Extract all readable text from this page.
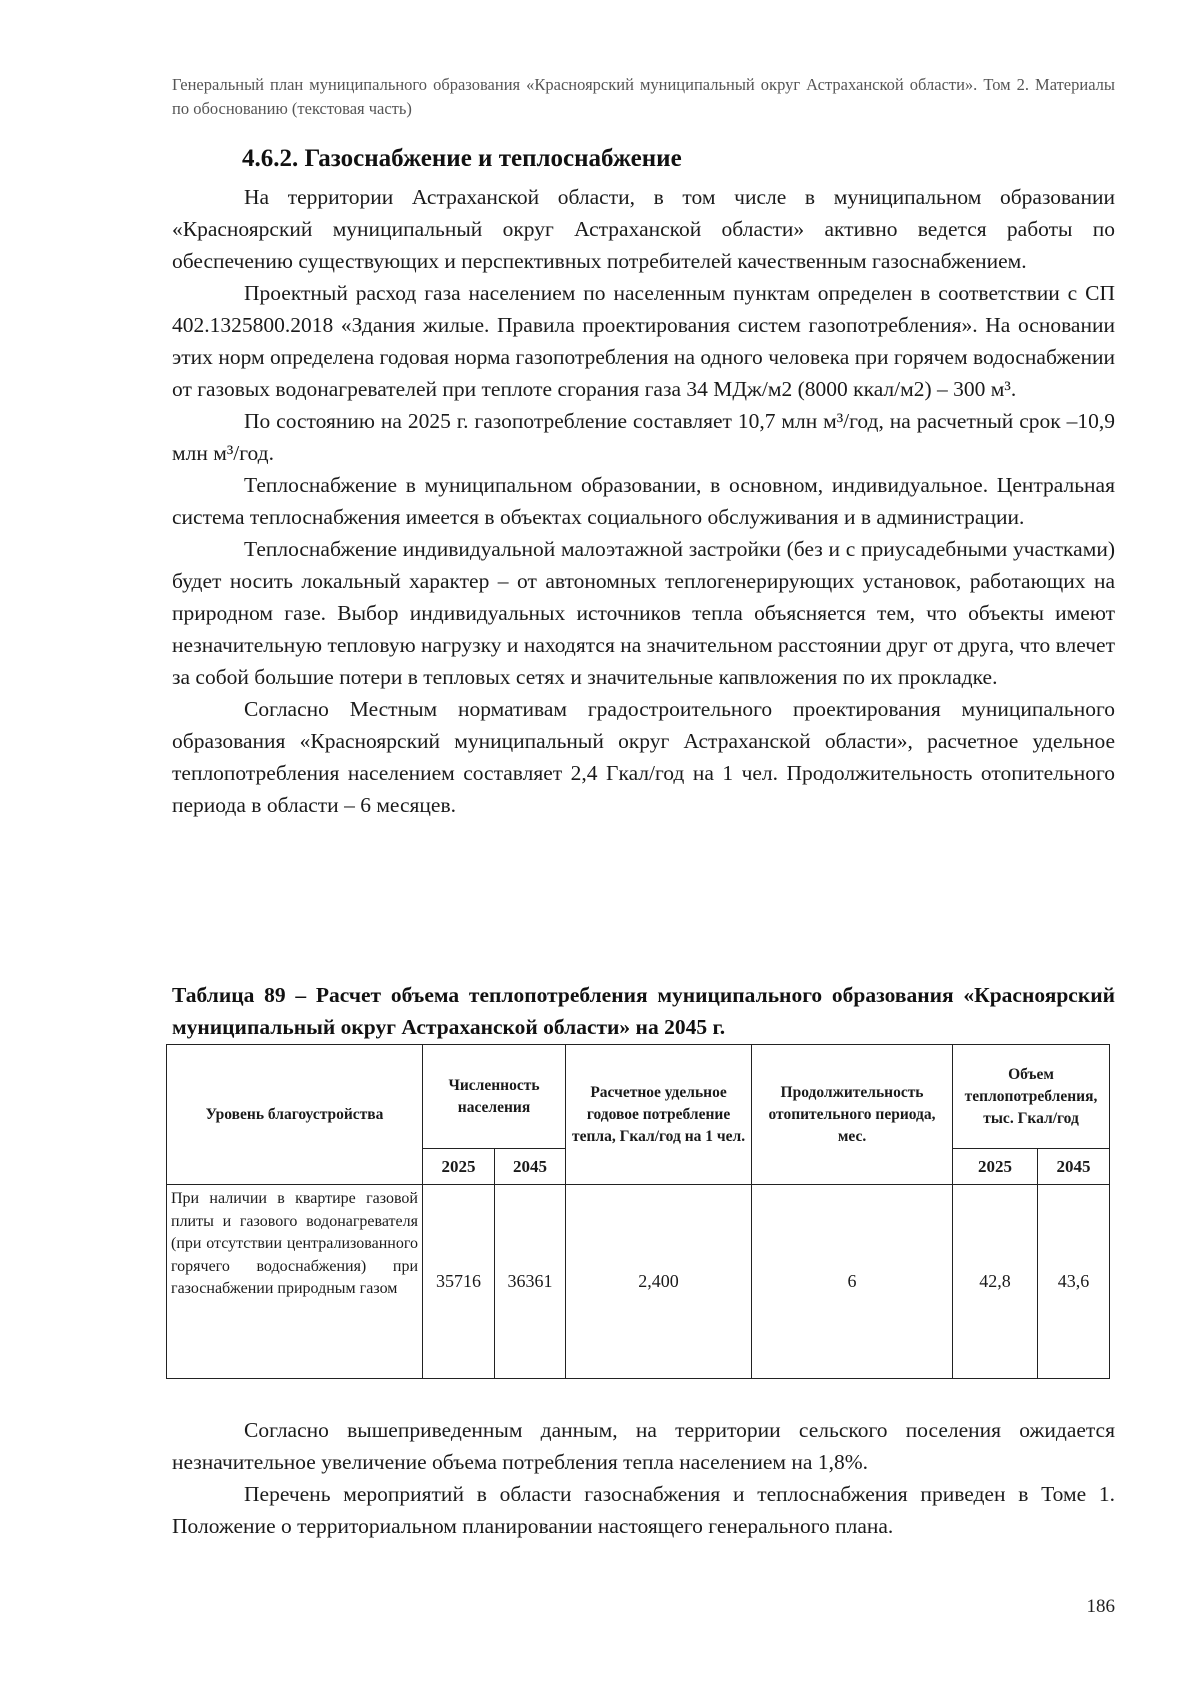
Генеральный план муниципального образования «Красноярский муниципальный округ Астраханской области». Том 2. Материалы по обоснованию (текстовая часть)
4.6.2. Газоснабжение и теплоснабжение

На территории Астраханской области, в том числе в муниципальном образовании «Красноярский муниципальный округ Астраханской области» активно ведется работы по обеспечению существующих и перспективных потребителей качественным газоснабжением.

Проектный расход газа населением по населенным пунктам определен в соответствии с СП 402.1325800.2018 «Здания жилые. Правила проектирования систем газопотребления». На основании этих норм определена годовая норма газопотребления на одного человека при горячем водоснабжении от газовых водонагревателей при теплоте сгорания газа 34 МДж/м2 (8000 ккал/м2) – 300 м³.

По состоянию на 2025 г. газопотребление составляет 10,7 млн м³/год, на расчетный срок –10,9 млн м³/год.

Теплоснабжение в муниципальном образовании, в основном, индивидуальное. Центральная система теплоснабжения имеется в объектах социального обслуживания и в администрации.

Теплоснабжение индивидуальной малоэтажной застройки (без и с приусадебными участками) будет носить локальный характер – от автономных теплогенерирующих установок, работающих на природном газе. Выбор индивидуальных источников тепла объясняется тем, что объекты имеют незначительную тепловую нагрузку и находятся на значительном расстоянии друг от друга, что влечет за собой большие потери в тепловых сетях и значительные капвложения по их прокладке.

Согласно Местным нормативам градостроительного проектирования муниципального образования «Красноярский муниципальный округ Астраханской области», расчетное удельное теплопотребления населением составляет 2,4 Гкал/год на 1 чел. Продолжительность отопительного периода в области – 6 месяцев.

Таблица 89 – Расчет объема теплопотребления муниципального образования «Красноярский муниципальный округ Астраханской области» на 2045 г.
Уровень благоустройства	Численность населения		Расчетное удельное годовое потребление тепла, Гкал/год на 1 чел.	Продолжительность отопительного периода, мес.	Объем теплопотребления, тыс. Гкал/год	
	2025	2045			2025	2045
При наличии в квартире газовой плиты и газового водонагревателя (при отсутствии централизованного горячего водоснабжения) при газоснабжении природным газом	35716	36361	2,400	6	42,8	43,6

Согласно вышеприведенным данным, на территории сельского поселения ожидается незначительное увеличение объема потребления тепла населением на 1,8%.

Перечень мероприятий в области газоснабжения и теплоснабжения приведен в Томе 1. Положение о территориальном планировании настоящего генерального плана.

186
